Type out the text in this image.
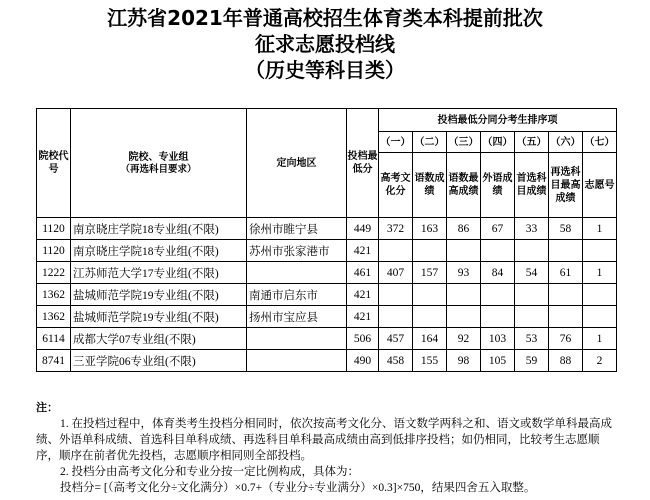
江苏省2021年普通高校招生体育类本科提前批次
征求志愿投档线
（历史等科目类）
院校代号	院校、专业组
（再选科目要求）	定向地区	投档最低分	投档最低分同分考生排序项						
				（一）	（二）	（三）	（四）	（五）	（六）	（七）
				高考文化分	语数成绩	语数最高成绩	外语成绩	首选科目成绩	再选科目最高成绩	志愿号
1120	南京晓庄学院18专业组(不限)	徐州市睢宁县	449	372	163	86	67	33	58	1
1120	南京晓庄学院18专业组(不限)	苏州市张家港市	421							
1222	江苏师范大学17专业组(不限)		461	407	157	93	84	54	61	1
1362	盐城师范学院19专业组(不限)	南通市启东市	421							
1362	盐城师范学院19专业组(不限)	扬州市宝应县	421							
6114	成都大学07专业组(不限)		506	457	164	92	103	53	76	1
8741	三亚学院06专业组(不限)		490	458	155	98	105	59	88	2

注：

1. 在投档过程中，体育类考生投档分相同时，依次按高考文化分、语文数学两科之和、语文或数学单科最高成绩、外语单科成绩、首选科目单科成绩、再选科目单科最高成绩由高到低排序投档；如仍相同，比较考生志愿顺序，顺序在前者优先投档，志愿顺序相同则全部投档。

2. 投档分由高考文化分和专业分按一定比例构成，具体为：

投档分= [（高考文化分÷文化满分）×0.7+（专业分÷专业满分）×0.3]×750，结果四舍五入取整。
